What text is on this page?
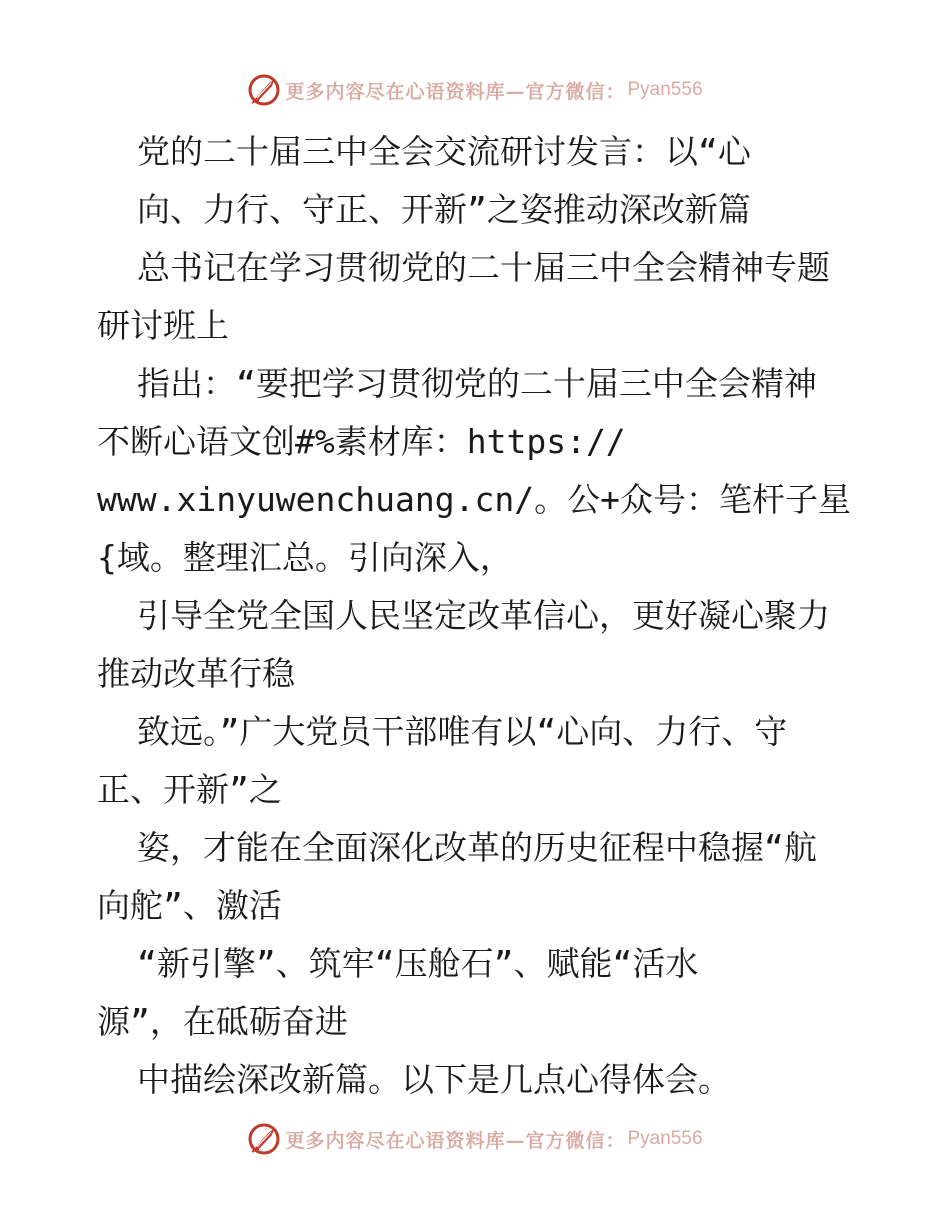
更多内容尽在心语资料库—官方微信： Pyan556
党的二十届三中全会交流研讨发言：以“心
向、力行、守正、开新”之姿推动深改新篇
总书记在学习贯彻党的二十届三中全会精神专题
研讨班上
指出：“要把学习贯彻党的二十届三中全会精神
不断心语文创#%素材库：https://
www.xinyuwenchuang.cn/。公+众号：笔杆子星
{域。整理汇总。引向深入，
引导全党全国人民坚定改革信心，更好凝心聚力
推动改革行稳
致远。”广大党员干部唯有以“心向、力行、守
正、开新”之
姿，才能在全面深化改革的历史征程中稳握“航
向舵”、激活
“新引擎”、筑牢“压舱石”、赋能“活水
源”，在砥砺奋进
中描绘深改新篇。以下是几点心得体会。
更多内容尽在心语资料库—官方微信： Pyan556
